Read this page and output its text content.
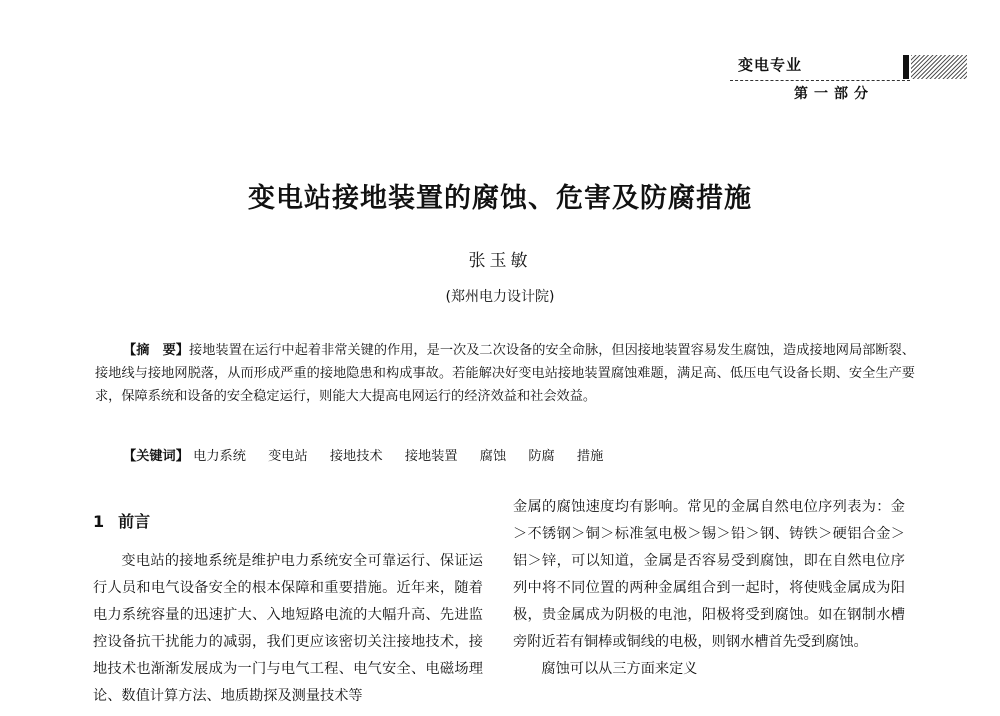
变电专业
第一部分
变电站接地装置的腐蚀、危害及防腐措施
张玉敏
(郑州电力设计院)
【摘　要】接地装置在运行中起着非常关键的作用，是一次及二次设备的安全命脉，但因接地装置容易发生腐蚀，造成接地网局部断裂、接地线与接地网脱落，从而形成严重的接地隐患和构成事故。若能解决好变电站接地装置腐蚀难题，满足高、低压电气设备长期、安全生产要求，保障系统和设备的安全稳定运行，则能大大提高电网运行的经济效益和社会效益。
【关键词】 电力系统 变电站 接地技术 接地装置 腐蚀 防腐 措施
1 前言

变电站的接地系统是维护电力系统安全可靠运行、保证运行人员和电气设备安全的根本保障和重要措施。近年来，随着电力系统容量的迅速扩大、入地短路电流的大幅升高、先进监控设备抗干扰能力的减弱，我们更应该密切关注接地技术，接地技术也渐渐发展成为一门与电气工程、电气安全、电磁场理论、数值计算方法、地质勘探及测量技术等

金属的腐蚀速度均有影响。常见的金属自然电位序列表为：金＞不锈钢＞铜＞标准氢电极＞锡＞铅＞钢、铸铁＞硬铝合金＞铝＞锌，可以知道，金属是否容易受到腐蚀，即在自然电位序列中将不同位置的两种金属组合到一起时，将使贱金属成为阳极，贵金属成为阴极的电池，阳极将受到腐蚀。如在钢制水槽旁附近若有铜棒或铜线的电极，则钢水槽首先受到腐蚀。

腐蚀可以从三方面来定义
